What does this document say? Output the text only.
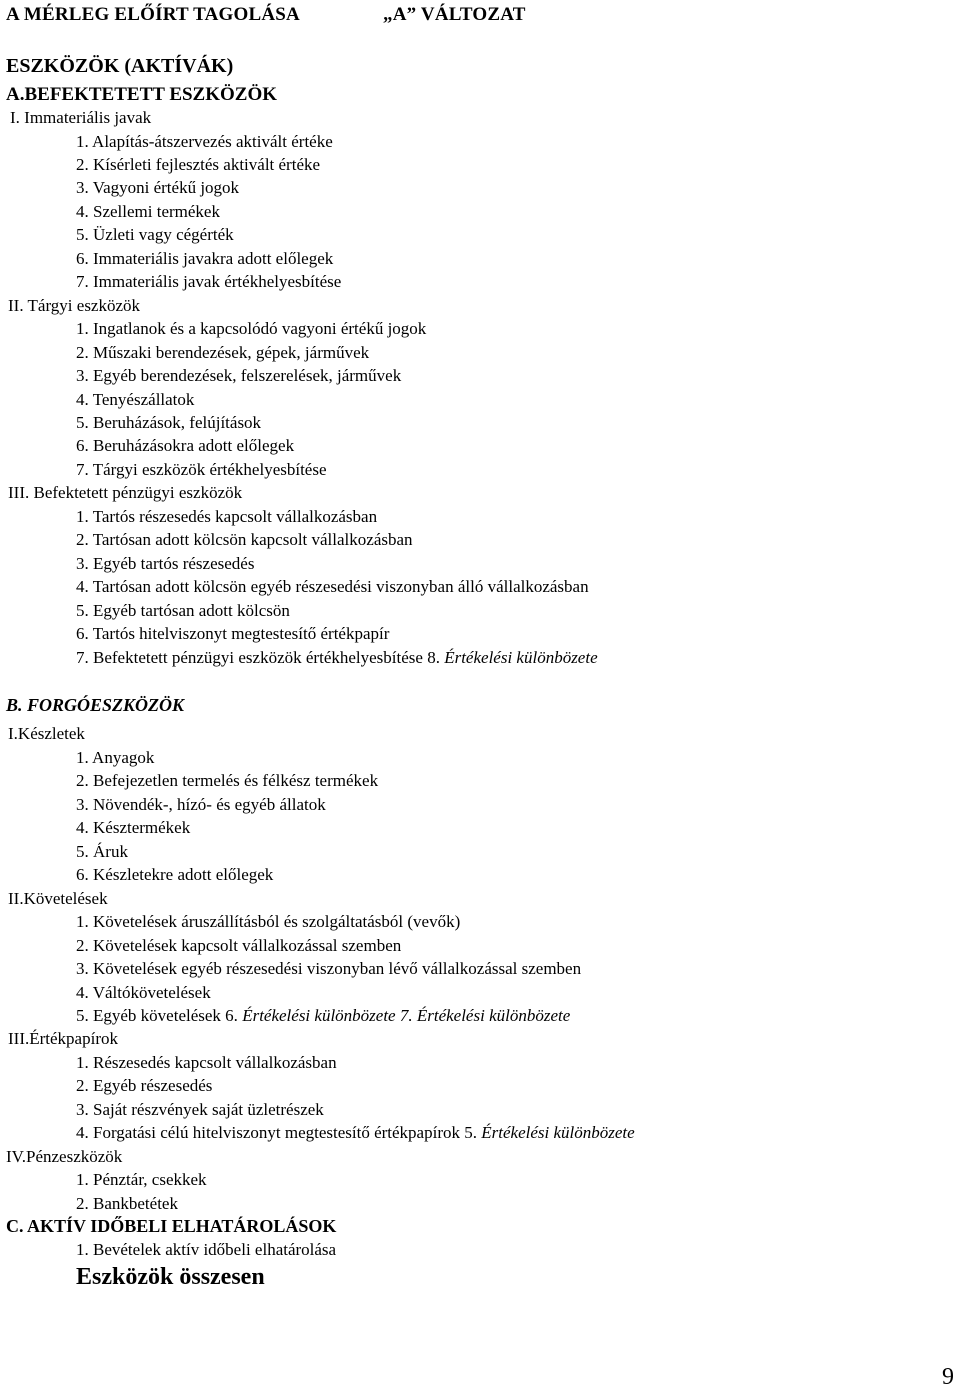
A MÉRLEG ELŐÍRT TAGOLÁSA	„A” VÁLTOZAT
ESZKÖZÖK (AKTÍVÁK)
A.BEFEKTETETT ESZKÖZÖK
I. Immateriális javak
1. Alapítás-átszervezés aktivált értéke
2. Kísérleti fejlesztés aktivált értéke
3. Vagyoni értékű jogok
4. Szellemi termékek
5. Üzleti vagy cégérték
6. Immateriális javakra adott előlegek
7. Immateriális javak értékhelyesbítése
II. Tárgyi eszközök
1. Ingatlanok és a kapcsolódó vagyoni értékű jogok
2. Műszaki berendezések, gépek, járművek
3. Egyéb berendezések, felszerelések, járművek
4. Tenyészállatok
5. Beruházások, felújítások
6. Beruházásokra adott előlegek
7. Tárgyi eszközök értékhelyesbítése
III. Befektetett pénzügyi eszközök
1. Tartós részesedés kapcsolt vállalkozásban
2. Tartósan adott kölcsön kapcsolt vállalkozásban
3. Egyéb tartós részesedés
4. Tartósan adott kölcsön egyéb részesedési viszonyban álló vállalkozásban
5. Egyéb tartósan adott kölcsön
6. Tartós hitelviszonyt megtestesítő értékpapír
7. Befektetett pénzügyi eszközök értékhelyesbítése 8. Értékelési különbözete
B. FORGÓESZKÖZÖK
I.Készletek
1. Anyagok
2. Befejezetlen termelés és félkész termékek
3. Növendék-, hízó- és egyéb állatok
4. Késztermékek
5. Áruk
6. Készletekre adott előlegek
II.Követelések
1. Követelések áruszállításból és szolgáltatásból (vevők)
2. Követelések kapcsolt vállalkozással szemben
3. Követelések egyéb részesedési viszonyban lévő vállalkozással szemben
4. Váltókövetelések
5. Egyéb követelések 6. Értékelési különbözete 7. Értékelési különbözete
III.Értékpapírok
1. Részesedés kapcsolt vállalkozásban
2. Egyéb részesedés
3. Saját részvények saját üzletrészek
4. Forgatási célú hitelviszonyt megtestesítő értékpapírok 5. Értékelési különbözete
IV.Pénzeszközök
1. Pénztár, csekkek
2. Bankbetétek
C. AKTÍV IDŐBELI ELHATÁROLÁSOK
1. Bevételek aktív időbeli elhatárolása
Eszközök összesen
9
